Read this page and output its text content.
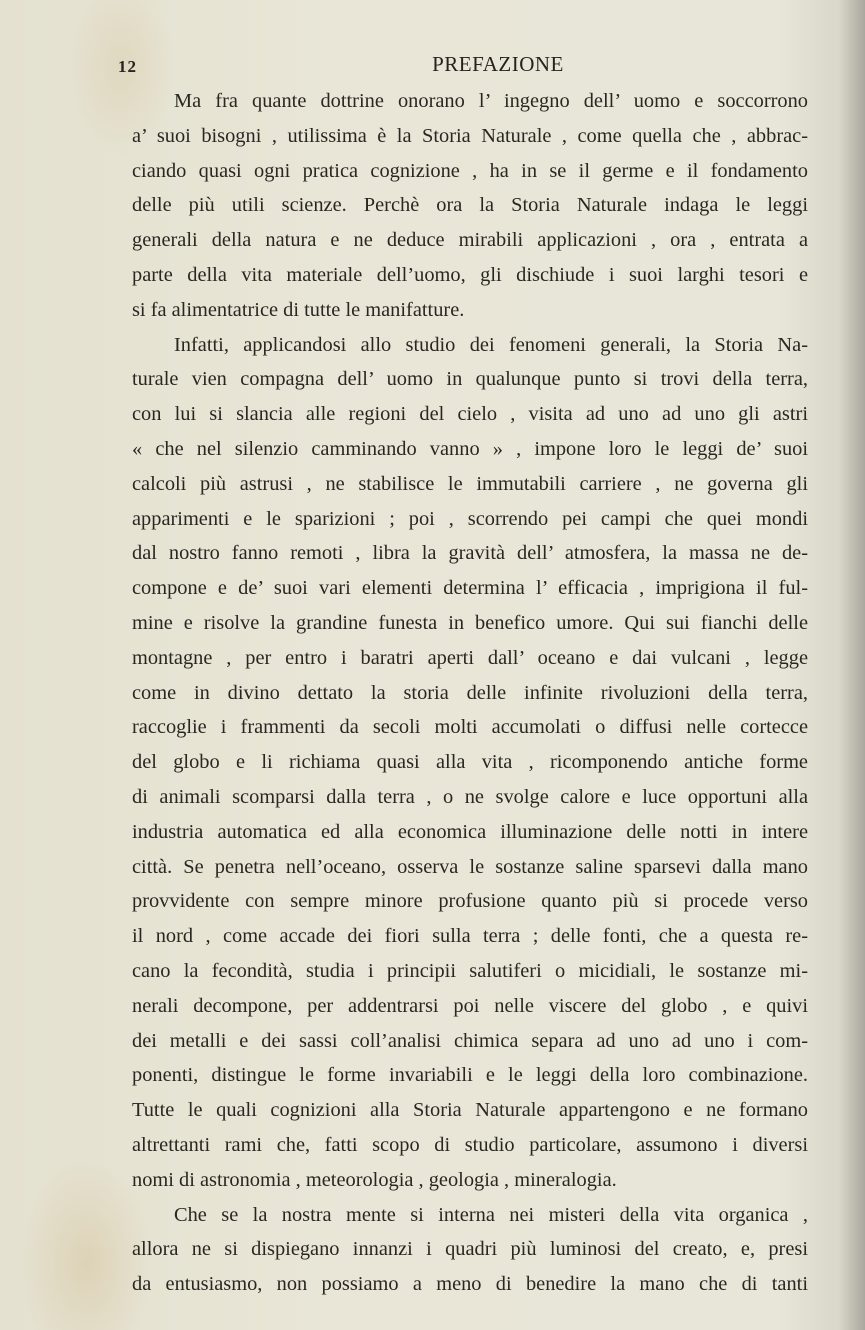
12	PREFAZIONE
Ma fra quante dottrine onorano l’ ingegno dell’ uomo e soccorrono
a’ suoi bisogni , utilissima è la Storia Naturale , come quella che , abbrac-
ciando quasi ogni pratica cognizione , ha in se il germe e il fondamento
delle più utili scienze. Perchè ora la Storia Naturale indaga le leggi
generali della natura e ne deduce mirabili applicazioni , ora , entrata a
parte della vita materiale dell’uomo, gli dischiude i suoi larghi tesori e
si fa alimentatrice di tutte le manifatture.
Infatti, applicandosi allo studio dei fenomeni generali, la Storia Na-
turale vien compagna dell’ uomo in qualunque punto si trovi della terra,
con lui si slancia alle regioni del cielo , visita ad uno ad uno gli astri
« che nel silenzio camminando vanno » , impone loro le leggi de’ suoi
calcoli più astrusi , ne stabilisce le immutabili carriere , ne governa gli
apparimenti e le sparizioni ; poi , scorrendo pei campi che quei mondi
dal nostro fanno remoti , libra la gravità dell’ atmosfera, la massa ne de-
compone e de’ suoi vari elementi determina l’ efficacia , imprigiona il ful-
mine e risolve la grandine funesta in benefico umore. Qui sui fianchi delle
montagne , per entro i baratri aperti dall’ oceano e dai vulcani , legge
come in divino dettato la storia delle infinite rivoluzioni della terra,
raccoglie i frammenti da secoli molti accumolati o diffusi nelle cortecce
del globo e li richiama quasi alla vita , ricomponendo antiche forme
di animali scomparsi dalla terra , o ne svolge calore e luce opportuni alla
industria automatica ed alla economica illuminazione delle notti in intere
città. Se penetra nell’oceano, osserva le sostanze saline sparsevi dalla mano
provvidente con sempre minore profusione quanto più si procede verso
il nord , come accade dei fiori sulla terra ; delle fonti, che a questa re-
cano la fecondità, studia i principii salutiferi o micidiali, le sostanze mi-
nerali decompone, per addentrarsi poi nelle viscere del globo , e quivi
dei metalli e dei sassi coll’analisi chimica separa ad uno ad uno i com-
ponenti, distingue le forme invariabili e le leggi della loro combinazione.
Tutte le quali cognizioni alla Storia Naturale appartengono e ne formano
altrettanti rami che, fatti scopo di studio particolare, assumono i diversi
nomi di astronomia , meteorologia , geologia , mineralogia.
Che se la nostra mente si interna nei misteri della vita organica ,
allora ne si dispiegano innanzi i quadri più luminosi del creato, e, presi
da entusiasmo, non possiamo a meno di benedire la mano che di tanti
